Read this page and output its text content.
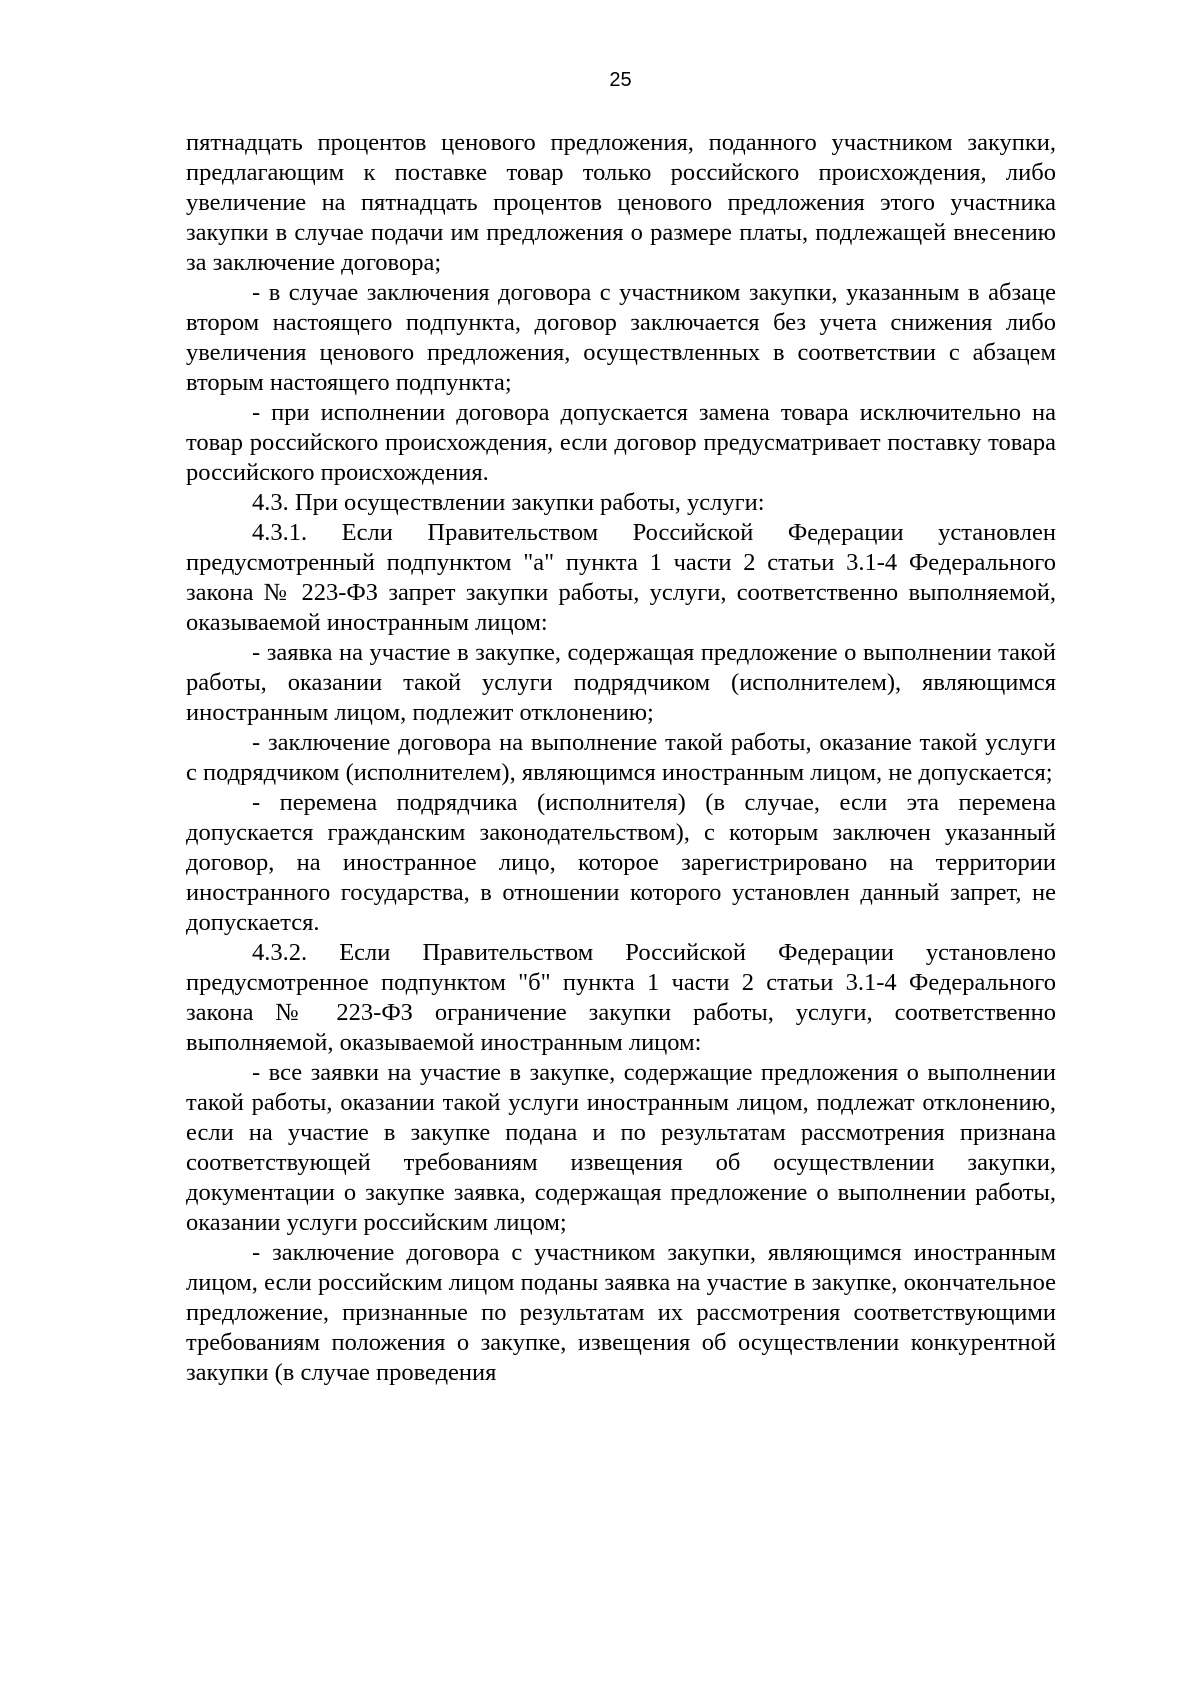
25

пятнадцать процентов ценового предложения, поданного участником закупки, предлагающим к поставке товар только российского происхождения, либо увеличение на пятнадцать процентов ценового предложения этого участника закупки в случае подачи им предложения о размере платы, подлежащей внесению за заключение договора;

- в случае заключения договора с участником закупки, указанным в абзаце втором настоящего подпункта, договор заключается без учета снижения либо увеличения ценового предложения, осуществленных в соответствии с абзацем вторым настоящего подпункта;

- при исполнении договора допускается замена товара исключительно на товар российского происхождения, если договор предусматривает поставку товара российского происхождения.

4.3. При осуществлении закупки работы, услуги:

4.3.1. Если Правительством Российской Федерации установлен предусмотренный подпунктом "а" пункта 1 части 2 статьи 3.1-4 Федерального закона № 223-ФЗ запрет закупки работы, услуги, соответственно выполняемой, оказываемой иностранным лицом:

- заявка на участие в закупке, содержащая предложение о выполнении такой работы, оказании такой услуги подрядчиком (исполнителем), являющимся иностранным лицом, подлежит отклонению;

- заключение договора на выполнение такой работы, оказание такой услуги с подрядчиком (исполнителем), являющимся иностранным лицом, не допускается;

- перемена подрядчика (исполнителя) (в случае, если эта перемена допускается гражданским законодательством), с которым заключен указанный договор, на иностранное лицо, которое зарегистрировано на территории иностранного государства, в отношении которого установлен данный запрет, не допускается.

4.3.2. Если Правительством Российской Федерации установлено предусмотренное подпунктом "б" пункта 1 части 2 статьи 3.1-4 Федерального закона № 223-ФЗ ограничение закупки работы, услуги, соответственно выполняемой, оказываемой иностранным лицом:

- все заявки на участие в закупке, содержащие предложения о выполнении такой работы, оказании такой услуги иностранным лицом, подлежат отклонению, если на участие в закупке подана и по результатам рассмотрения признана соответствующей требованиям извещения об осуществлении закупки, документации о закупке заявка, содержащая предложение о выполнении работы, оказании услуги российским лицом;

- заключение договора с участником закупки, являющимся иностранным лицом, если российским лицом поданы заявка на участие в закупке, окончательное предложение, признанные по результатам их рассмотрения соответствующими требованиям положения о закупке, извещения об осуществлении конкурентной закупки (в случае проведения
